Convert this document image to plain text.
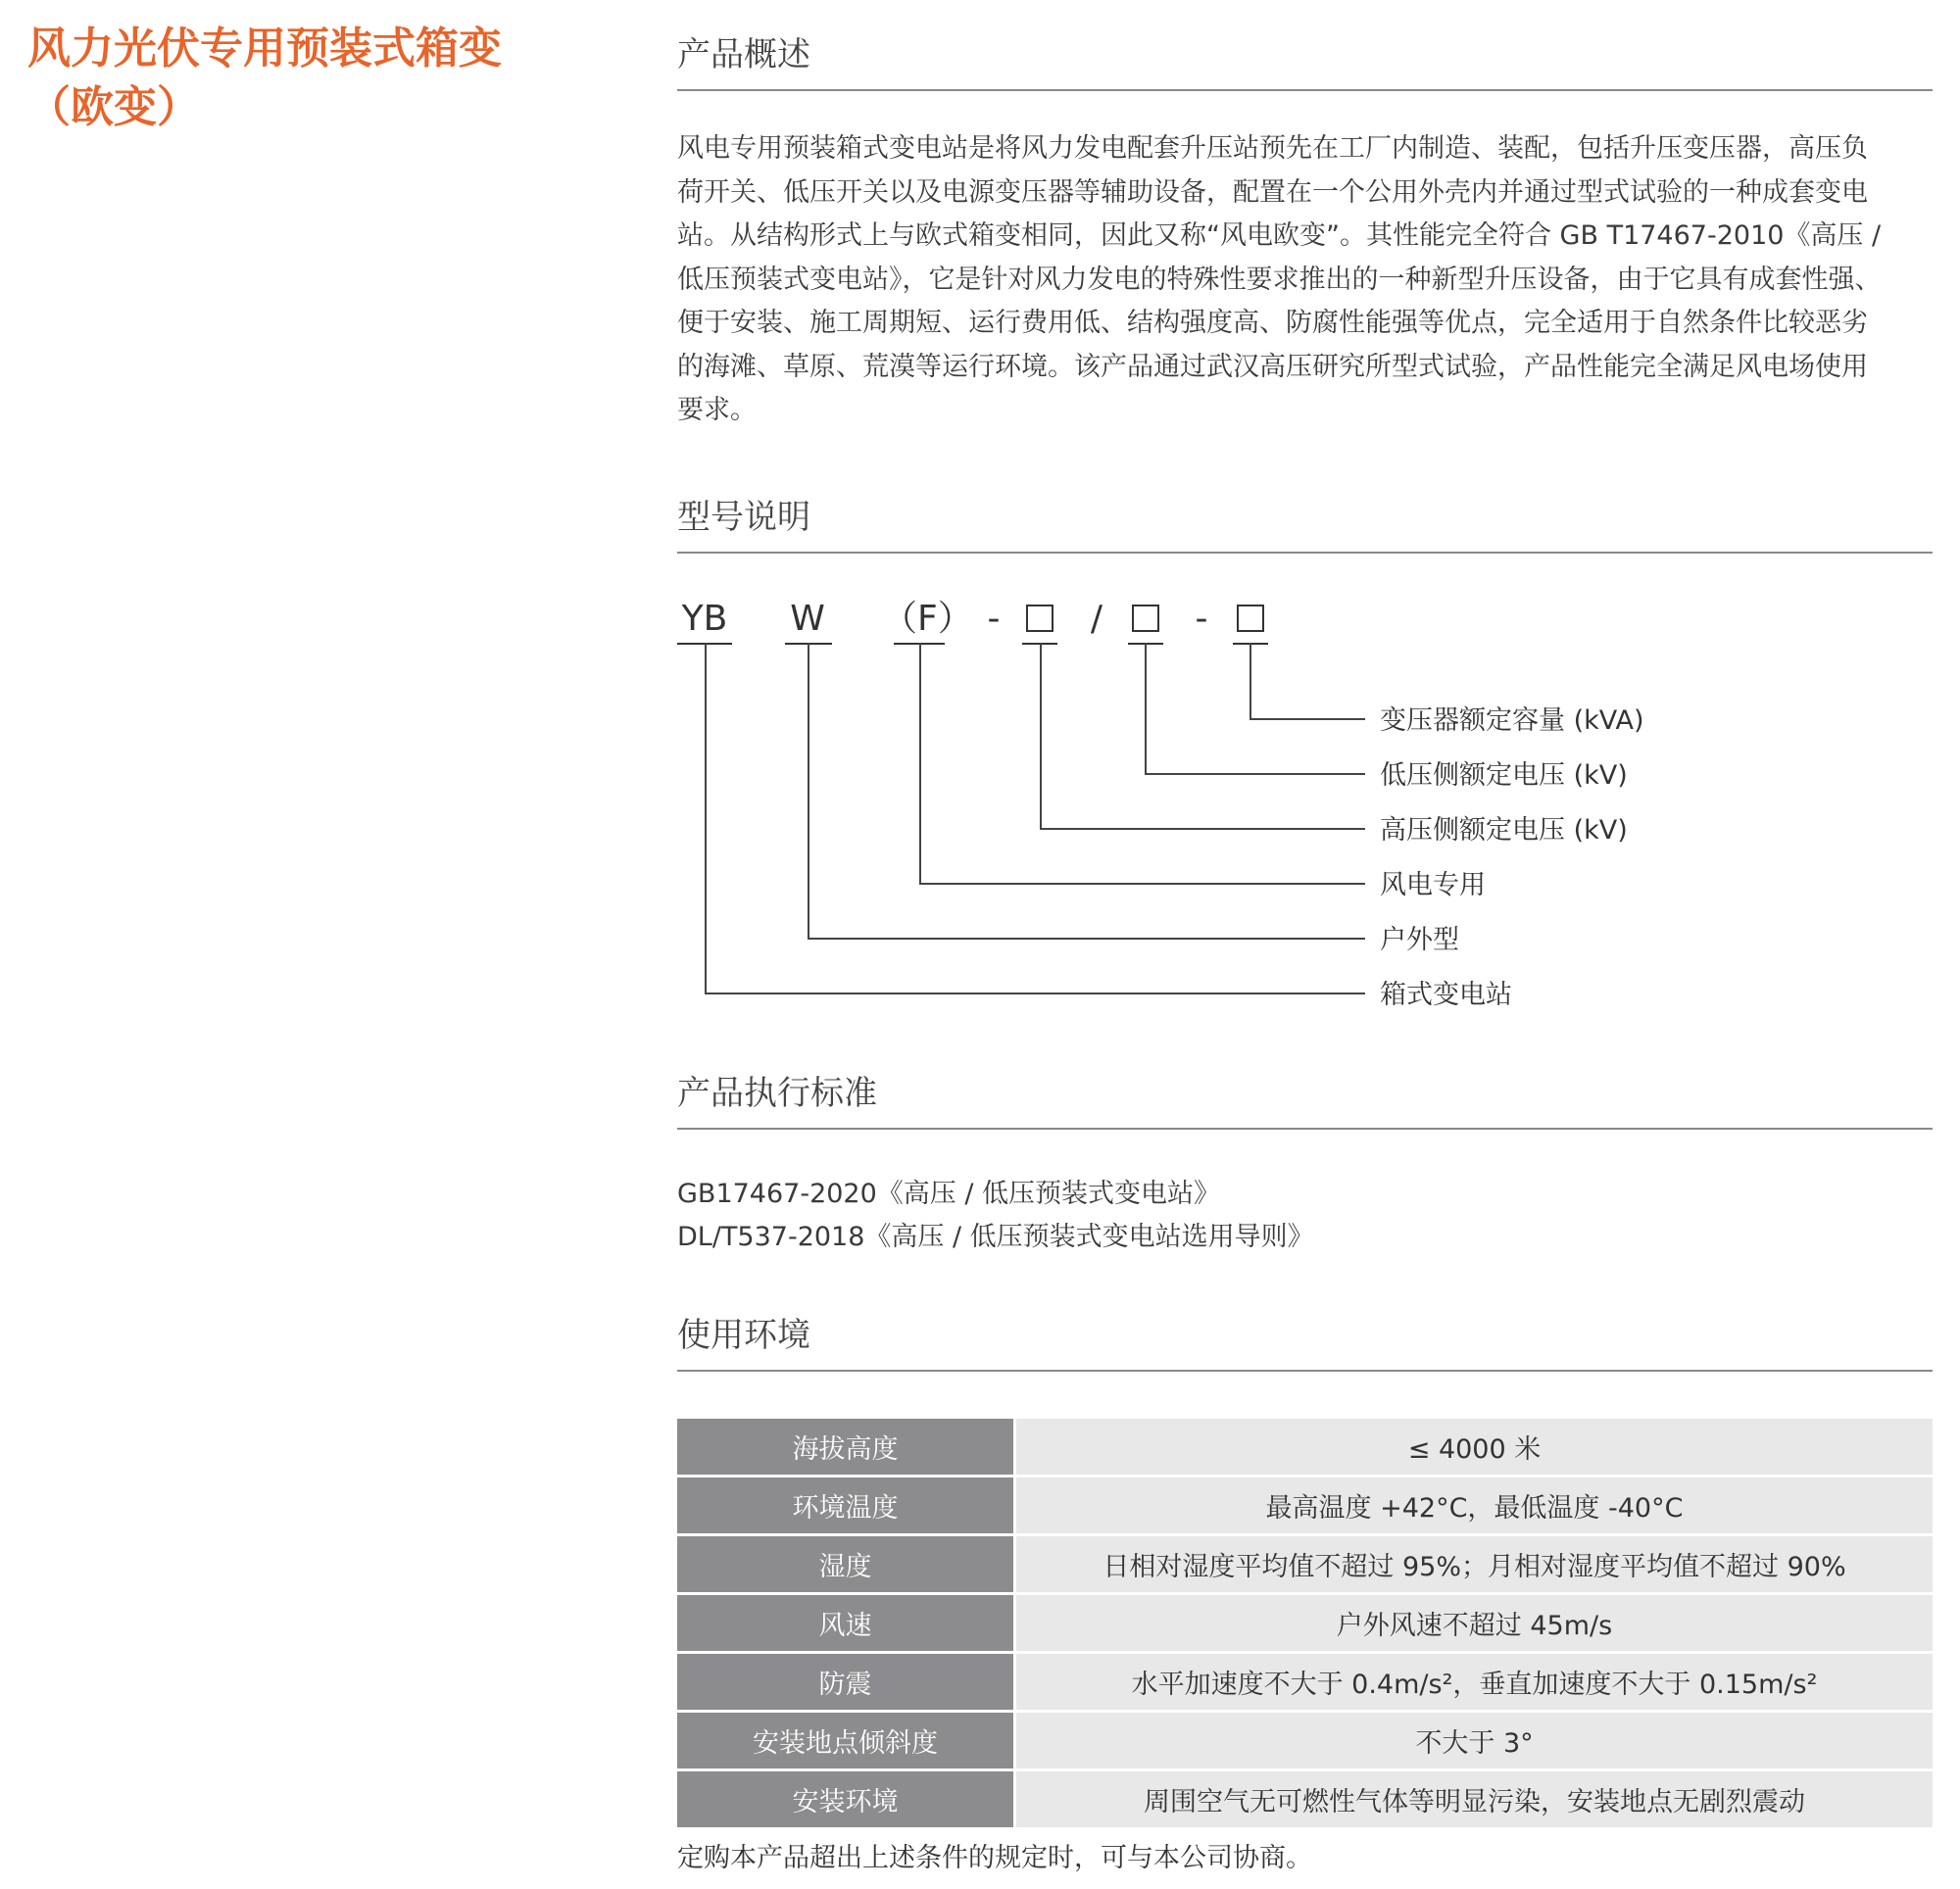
风力光伏专用预装式箱变
（欧变）
产品概述
风电专用预装箱式变电站是将风力发电配套升压站预先在工厂内制造、装配，包括升压变压器，高压负
荷开关、低压开关以及电源变压器等辅助设备，配置在一个公用外壳内并通过型式试验的一种成套变电
站。从结构形式上与欧式箱变相同，因此又称“风电欧变”。其性能完全符合 GB T17467-2010《高压 /
低压预装式变电站》，它是针对风力发电的特殊性要求推出的一种新型升压设备，由于它具有成套性强、
便于安装、施工周期短、运行费用低、结构强度高、防腐性能强等优点，完全适用于自然条件比较恶劣
的海滩、草原、荒漠等运行环境。该产品通过武汉高压研究所型式试验，产品性能完全满足风电场使用
要求。
型号说明
YB W （F） -	/	-
变压器额定容量 (kVA)
低压侧额定电压 (kV)
高压侧额定电压 (kV)
风电专用
户外型
箱式变电站
产品执行标准
GB17467-2020《高压 / 低压预装式变电站》
DL/T537-2018《高压 / 低压预装式变电站选用导则》
使用环境
海拔高度	≤ 4000 米
环境温度	最高温度 +42°C，最低温度 -40°C
湿度	日相对湿度平均值不超过 95%；月相对湿度平均值不超过 90%
风速	户外风速不超过 45m/s
防震	水平加速度不大于 0.4m/s²，垂直加速度不大于 0.15m/s²
安装地点倾斜度	不大于 3°
安装环境	周围空气无可燃性气体等明显污染，安装地点无剧烈震动

定购本产品超出上述条件的规定时，可与本公司协商。
